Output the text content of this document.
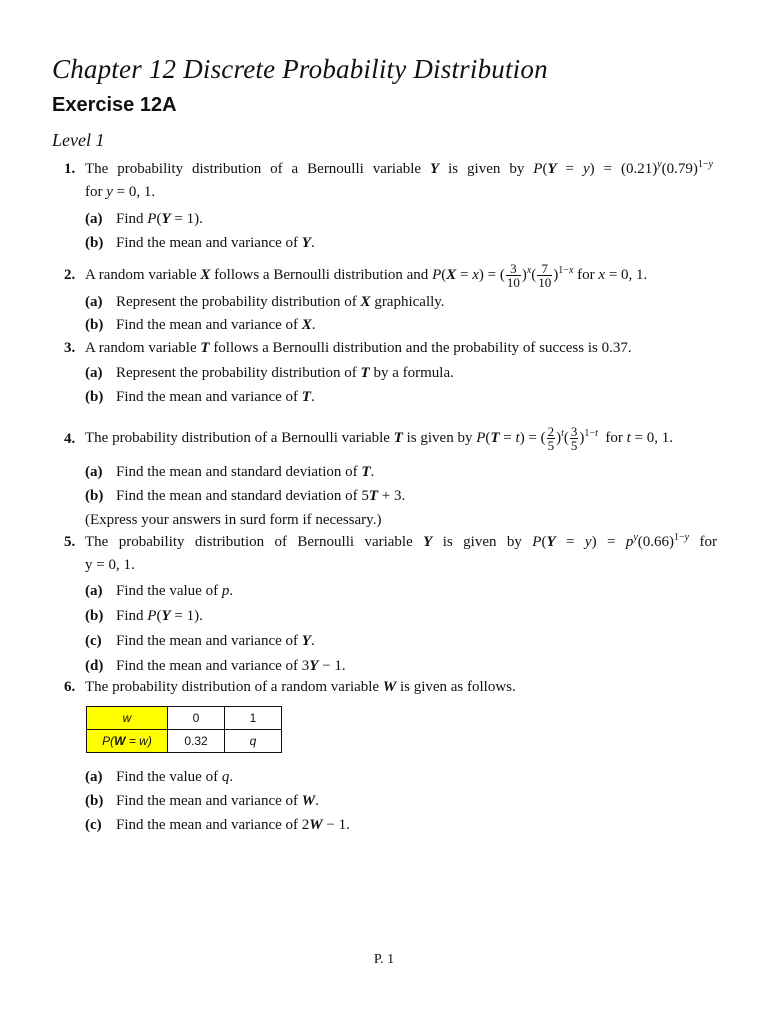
Chapter 12 Discrete Probability Distribution
Exercise 12A
Level 1
1. The probability distribution of a Bernoulli variable Y is given by $P(Y = y) = (0.21)^y(0.79)^{1-y}$
for y = 0, 1.
(a) Find P(Y = 1).
(b) Find the mean and variance of Y.
2. A random variable X follows a Bernoulli distribution and P(X = x) = ( $\frac{3}{10} )^x( \frac{7}{10} )^{1-x}$ for x = 0, 1.
(a) Represent the probability distribution of X graphically.
(b) Find the mean and variance of X.
3. A random variable T follows a Bernoulli distribution and the probability of success is 0.37.
(a) Represent the probability distribution of T by a formula.
(b) Find the mean and variance of T.
4. The probability distribution of a Bernoulli variable T is given by P(T = t) = ( $\frac{2}{5} )^t( \frac{3}{5} )^{1-t}$ for t = 0, 1.
(a) Find the mean and standard deviation of T.
(b) Find the mean and standard deviation of 5T + 3.
(Express your answers in surd form if necessary.)
5. The probability distribution of Bernoulli variable Y is given by $P(Y = y) = p^y(0.66)^{1-y}$ for
y = 0, 1.
(a) Find the value of p.
(b) Find P(Y = 1).
(c) Find the mean and variance of Y.
(d) Find the mean and variance of 3Y − 1.
6. The probability distribution of a random variable W is given as follows.
w	0	1
P(W = w)	0.32	q
(a) Find the value of q.
(b) Find the mean and variance of W.
(c) Find the mean and variance of 2W − 1.
P. 1
